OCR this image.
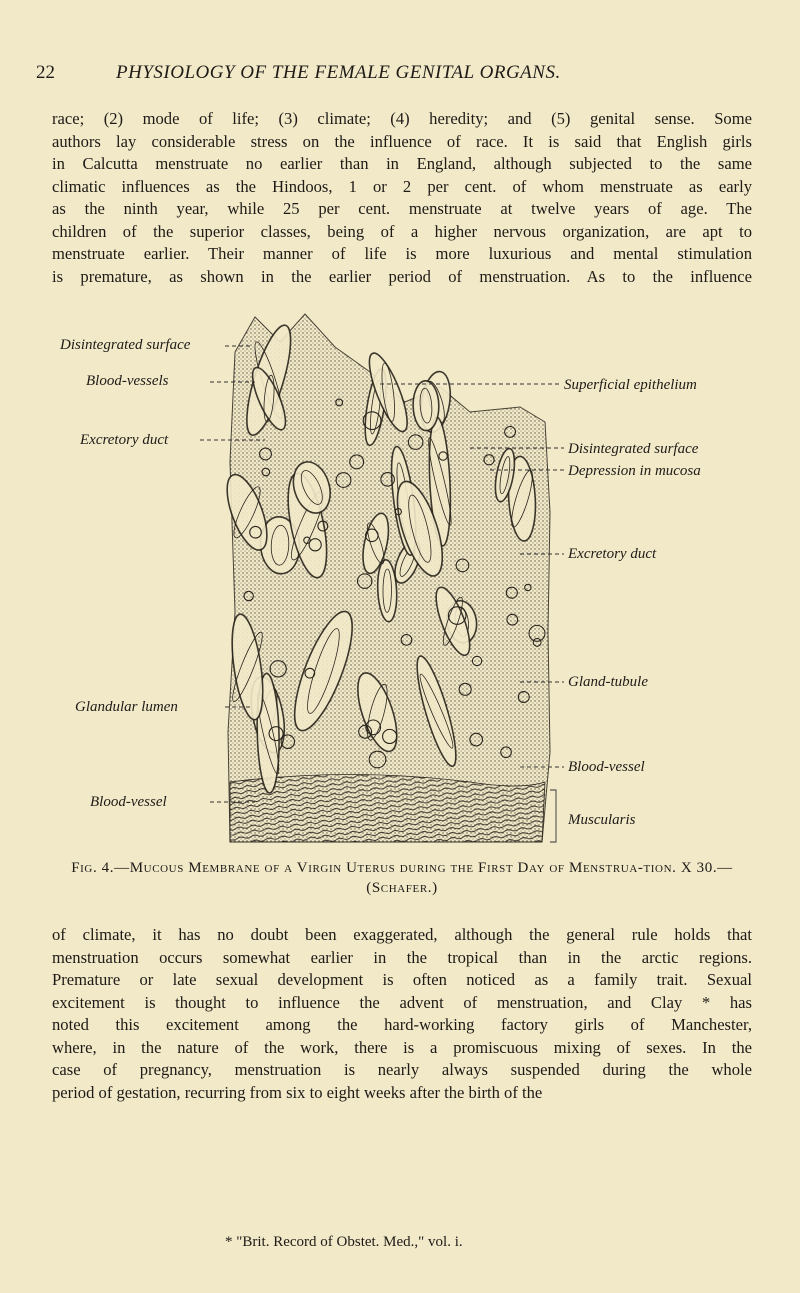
22	PHYSIOLOGY OF THE FEMALE GENITAL ORGANS.
race; (2) mode of life; (3) climate; (4) heredity; and (5) genital sense. Some
authors lay considerable stress on the influence of race. It is said that English girls
in Calcutta menstruate no earlier than in England, although subjected to the same
climatic influences as the Hindoos, 1 or 2 per cent. of whom menstruate as early
as the ninth year, while 25 per cent. menstruate at twelve years of age. The
children of the superior classes, being of a higher nervous organization, are apt to
menstruate earlier. Their manner of life is more luxurious and mental stimulation
is premature, as shown in the earlier period of menstruation. As to the influence
Disintegrated surface
Blood-vessels
Excretory duct
Glandular lumen
Blood-vessel
Superficial epithelium
Disintegrated surface
Depression in mucosa
Excretory duct
Gland-tubule
Blood-vessel
Muscularis
Fig. 4.—Mucous Membrane of a Virgin Uterus during the First Day of Menstrua-tion. X 30.—(Schafer.)
of climate, it has no doubt been exaggerated, although the general rule holds that
menstruation occurs somewhat earlier in the tropical than in the arctic regions.
Premature or late sexual development is often noticed as a family trait. Sexual
excitement is thought to influence the advent of menstruation, and Clay * has
noted this excitement among the hard-working factory girls of Manchester,
where, in the nature of the work, there is a promiscuous mixing of sexes. In the
case of pregnancy, menstruation is nearly always suspended during the whole
period of gestation, recurring from six to eight weeks after the birth of the
* "Brit. Record of Obstet. Med.," vol. i.
